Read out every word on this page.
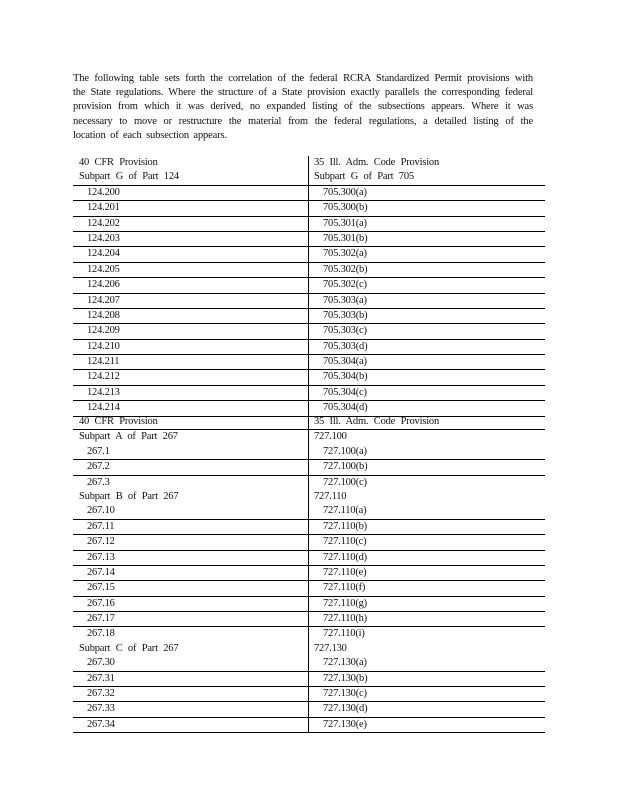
The following table sets forth the correlation of the federal RCRA Standardized Permit provisions with the State regulations. Where the structure of a State provision exactly parallels the corresponding federal provision from which it was derived, no expanded listing of the subsections appears. Where it was necessary to move or restructure the material from the federal regulations, a detailed listing of the location of each subsection appears.

40 CFR Provision	35 Ill. Adm. Code Provision
Subpart G of Part 124	Subpart G of Part 705
124.200	705.300(a)
124.201	705.300(b)
124.202	705.301(a)
124.203	705.301(b)
124.204	705.302(a)
124.205	705.302(b)
124.206	705.302(c)
124.207	705.303(a)
124.208	705.303(b)
124.209	705.303(c)
124.210	705.303(d)
124.211	705.304(a)
124.212	705.304(b)
124.213	705.304(c)
124.214	705.304(d)
40 CFR Provision	35 Ill. Adm. Code Provision
Subpart A of Part 267	727.100
267.1	727.100(a)
267.2	727.100(b)
267.3	727.100(c)
Subpart B of Part 267	727.110
267.10	727.110(a)
267.11	727.110(b)
267.12	727.110(c)
267.13	727.110(d)
267.14	727.110(e)
267.15	727.110(f)
267.16	727.110(g)
267.17	727.110(h)
267.18	727.110(i)
Subpart C of Part 267	727.130
267.30	727.130(a)
267.31	727.130(b)
267.32	727.130(c)
267.33	727.130(d)
267.34	727.130(e)
